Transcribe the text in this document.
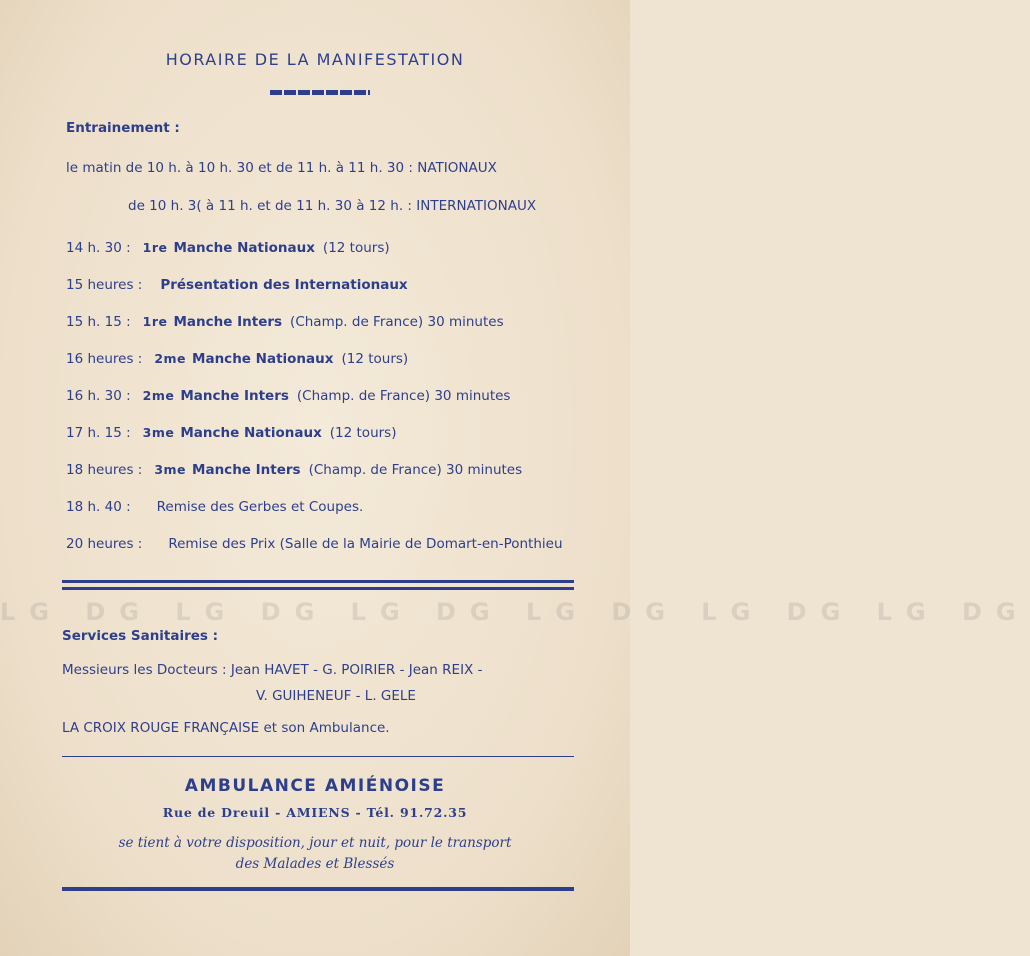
HORAIRE DE LA MANIFESTATION
Entrainement :
le matin de 10 h. à 10 h. 30 et de 11 h. à 11 h. 30 : NATIONAUX
de 10 h. 3( à 11 h. et de 11 h. 30 à 12 h. : INTERNATIONAUX
14 h. 30 : 1re Manche Nationaux (12 tours)
15 heures : Présentation des Internationaux
15 h. 15 : 1re Manche Inters (Champ. de France) 30 minutes
16 heures : 2me Manche Nationaux (12 tours)
16 h. 30 : 2me Manche Inters (Champ. de France) 30 minutes
17 h. 15 : 3me Manche Nationaux (12 tours)
18 heures : 3me Manche Inters (Champ. de France) 30 minutes
18 h. 40 : Remise des Gerbes et Coupes.
20 heures : Remise des Prix (Salle de la Mairie de Domart-en-Ponthieu
LG DG LG DG LG DG LG DG LG DG LG DG
Services Sanitaires :
Messieurs les Docteurs : Jean HAVET - G. POIRIER - Jean REIX -
V. GUIHENEUF - L. GELE
LA CROIX ROUGE FRANÇAISE et son Ambulance.
AMBULANCE AMIÉNOISE
Rue de Dreuil - AMIENS - Tél. 91.72.35
se tient à votre disposition, jour et nuit, pour le transport
des Malades et Blessés
